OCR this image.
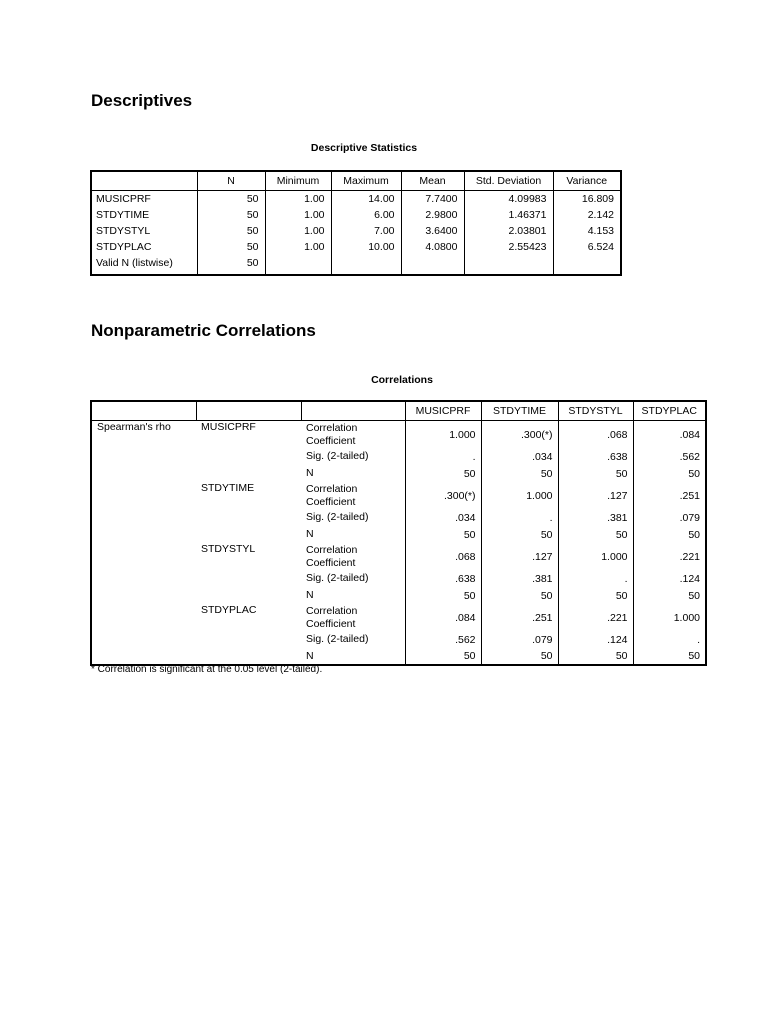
Descriptives
Descriptive Statistics
	N	Minimum	Maximum	Mean	Std. Deviation	Variance
MUSICPRF	50	1.00	14.00	7.7400	4.09983	16.809
STDYTIME	50	1.00	6.00	2.9800	1.46371	2.142
STDYSTYL	50	1.00	7.00	3.6400	2.03801	4.153
STDYPLAC	50	1.00	10.00	4.0800	2.55423	6.524
Valid N (listwise)	50					
Nonparametric Correlations
Correlations
			MUSICPRF	STDYTIME	STDYSTYL	STDYPLAC
Spearman's rho	MUSICPRF	Correlation Coefficient	1.000	.300(*)	.068	.084
		Sig. (2-tailed)	.	.034	.638	.562
		N	50	50	50	50
	STDYTIME	Correlation Coefficient	.300(*)	1.000	.127	.251
		Sig. (2-tailed)	.034	.	.381	.079
		N	50	50	50	50
	STDYSTYL	Correlation Coefficient	.068	.127	1.000	.221
		Sig. (2-tailed)	.638	.381	.	.124
		N	50	50	50	50
	STDYPLAC	Correlation Coefficient	.084	.251	.221	1.000
		Sig. (2-tailed)	.562	.079	.124	.
		N	50	50	50	50
* Correlation is significant at the 0.05 level (2-tailed).
